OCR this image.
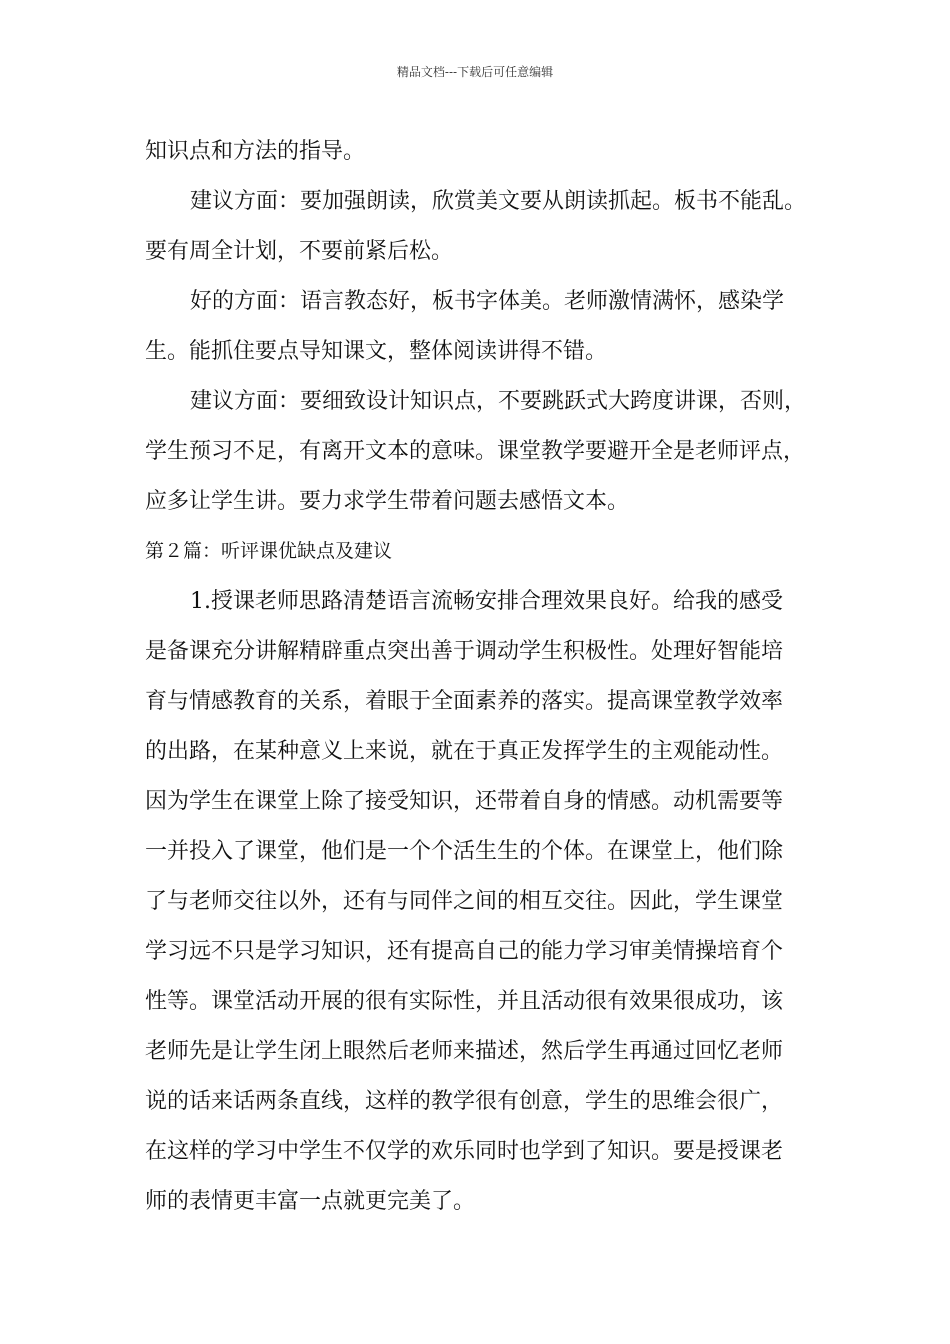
精品文档---下载后可任意编辑
知识点和方法的指导。
建议方面：要加强朗读，欣赏美文要从朗读抓起。板书不能乱。
要有周全计划，不要前紧后松。
好的方面：语言教态好，板书字体美。老师激情满怀，感染学
生。能抓住要点导知课文，整体阅读讲得不错。
建议方面：要细致设计知识点，不要跳跃式大跨度讲课，否则，
学生预习不足，有离开文本的意味。课堂教学要避开全是老师评点，
应多让学生讲。要力求学生带着问题去感悟文本。
第２篇：听评课优缺点及建议
1.授课老师思路清楚语言流畅安排合理效果良好。给我的感受
是备课充分讲解精辟重点突出善于调动学生积极性。处理好智能培
育与情感教育的关系，着眼于全面素养的落实。提高课堂教学效率
的出路，在某种意义上来说，就在于真正发挥学生的主观能动性。
因为学生在课堂上除了接受知识，还带着自身的情感。动机需要等
一并投入了课堂，他们是一个个活生生的个体。在课堂上，他们除
了与老师交往以外，还有与同伴之间的相互交往。因此，学生课堂
学习远不只是学习知识，还有提高自己的能力学习审美情操培育个
性等。课堂活动开展的很有实际性，并且活动很有效果很成功，该
老师先是让学生闭上眼然后老师来描述，然后学生再通过回忆老师
说的话来话两条直线，这样的教学很有创意，学生的思维会很广，
在这样的学习中学生不仅学的欢乐同时也学到了知识。要是授课老
师的表情更丰富一点就更完美了。
